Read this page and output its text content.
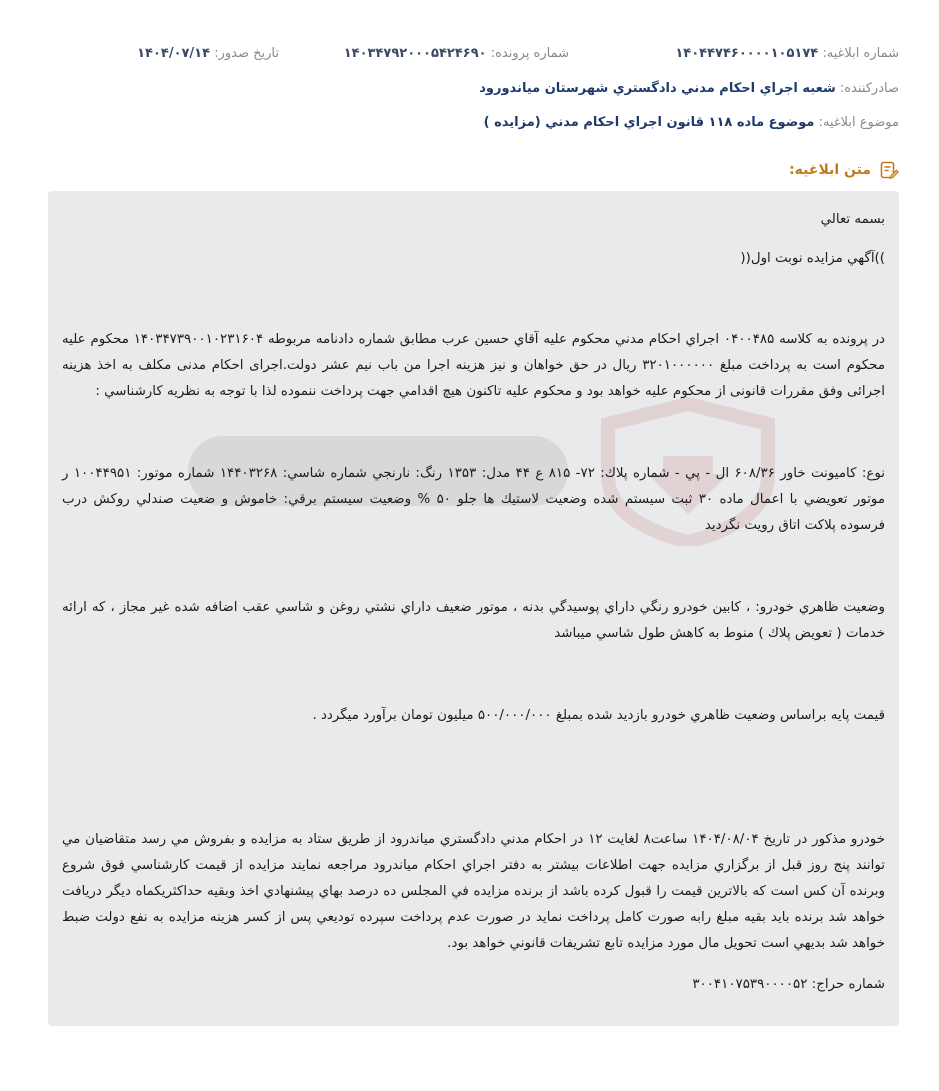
شماره ابلاغیه: ۱۴۰۴۴۷۴۶۰۰۰۰۱۰۵۱۷۴
شماره پرونده: ۱۴۰۳۴۷۹۲۰۰۰۵۴۲۴۶۹۰
تاریخ صدور: ۱۴۰۴/۰۷/۱۴
صادرکننده: شعبه اجراي احكام مدني دادگستري شهرستان مياندورود
موضوع ابلاغیه: موضوع ماده ۱۱۸ قانون اجراي احكام مدني (مزايده )
متن ابلاغیه:
بسمه تعالي
))آگهي مزايده نوبت اول((
در پرونده به كلاسه ۰۴۰۰۴۸۵ اجراي احكام مدني محكوم عليه آقاي حسين عرب مطابق شماره دادنامه مربوطه ۱۴۰۳۴۷۳۹۰۰۱۰۲۳۱۶۰۴ محكوم عليه محكوم است به پرداخت مبلغ ۳۲۰۱۰۰۰۰۰۰ ريال در حق خواهان و نيز هزينه اجرا من باب نيم عشر دولت.اجرای احکام مدنی مکلف به اخذ هزینه اجرائی وفق مقررات قانونی از محکوم علیه خواهد بود و محكوم عليه تاكنون هيچ اقدامي جهت پرداخت ننموده لذا با توجه به نظريه كارشناسي :
نوع: كاميونت خاور ۶۰۸/۳۶ ال - پي - شماره پلاك: ۷۲- ۸۱۵ ع ۴۴ مدل: ۱۳۵۳ رنگ: نارنجي شماره شاسي: ۱۴۴۰۳۲۶۸ شماره موتور: ۱۰۰۴۴۹۵۱ ر موتور تعويضي با اعمال ماده ۳۰ ثبت سيستم شده وضعيت لاستيك ها جلو ۵۰ % وضعيت سيستم برقي: خاموش و ضعيت صندلي روكش درب فرسوده پلاكت اتاق رويت نگرديد
وضعيت ظاهري خودرو: ، كابين خودرو رنگي داراي پوسيدگي بدنه ، موتور ضعيف داراي نشتي روغن و شاسي عقب اضافه شده غير مجاز ، كه ارائه خدمات ( تعويض پلاك ) منوط به كاهش طول شاسي ميباشد
قيمت پايه براساس وضعيت ظاهري خودرو بازديد شده بمبلغ ۵۰۰/۰۰۰/۰۰۰ ميليون تومان برآورد ميگردد .
خودرو مذكور در تاريخ ۱۴۰۴/۰۸/۰۴ ساعت۸ لغايت ۱۲ در احكام مدني دادگستري مياندرود از طريق ستاد به مزايده و بفروش مي رسد متقاضيان مي توانند پنج روز قبل از برگزاري مزايده جهت اطلاعات بيشتر به دفتر اجراي احكام مياندرود مراجعه نمايند مزايده از قيمت كارشناسي فوق شروع وبرنده آن كس است كه بالاترين قيمت را قبول كرده باشد از برنده مزايده في المجلس ده درصد بهاي پيشنهادي اخذ وبقيه حداكثريكماه ديگر دريافت خواهد شد برنده بايد بقيه مبلغ رابه صورت كامل پرداخت نمايد در صورت عدم پرداخت سپرده توديعي پس از كسر هزينه مزايده به نفع دولت ضبط خواهد شد بديهي است تحويل مال مورد مزايده تابع تشريفات قانوني خواهد بود.
شماره حراج: ۳۰۰۴۱۰۷۵۳۹۰۰۰۰۵۲
